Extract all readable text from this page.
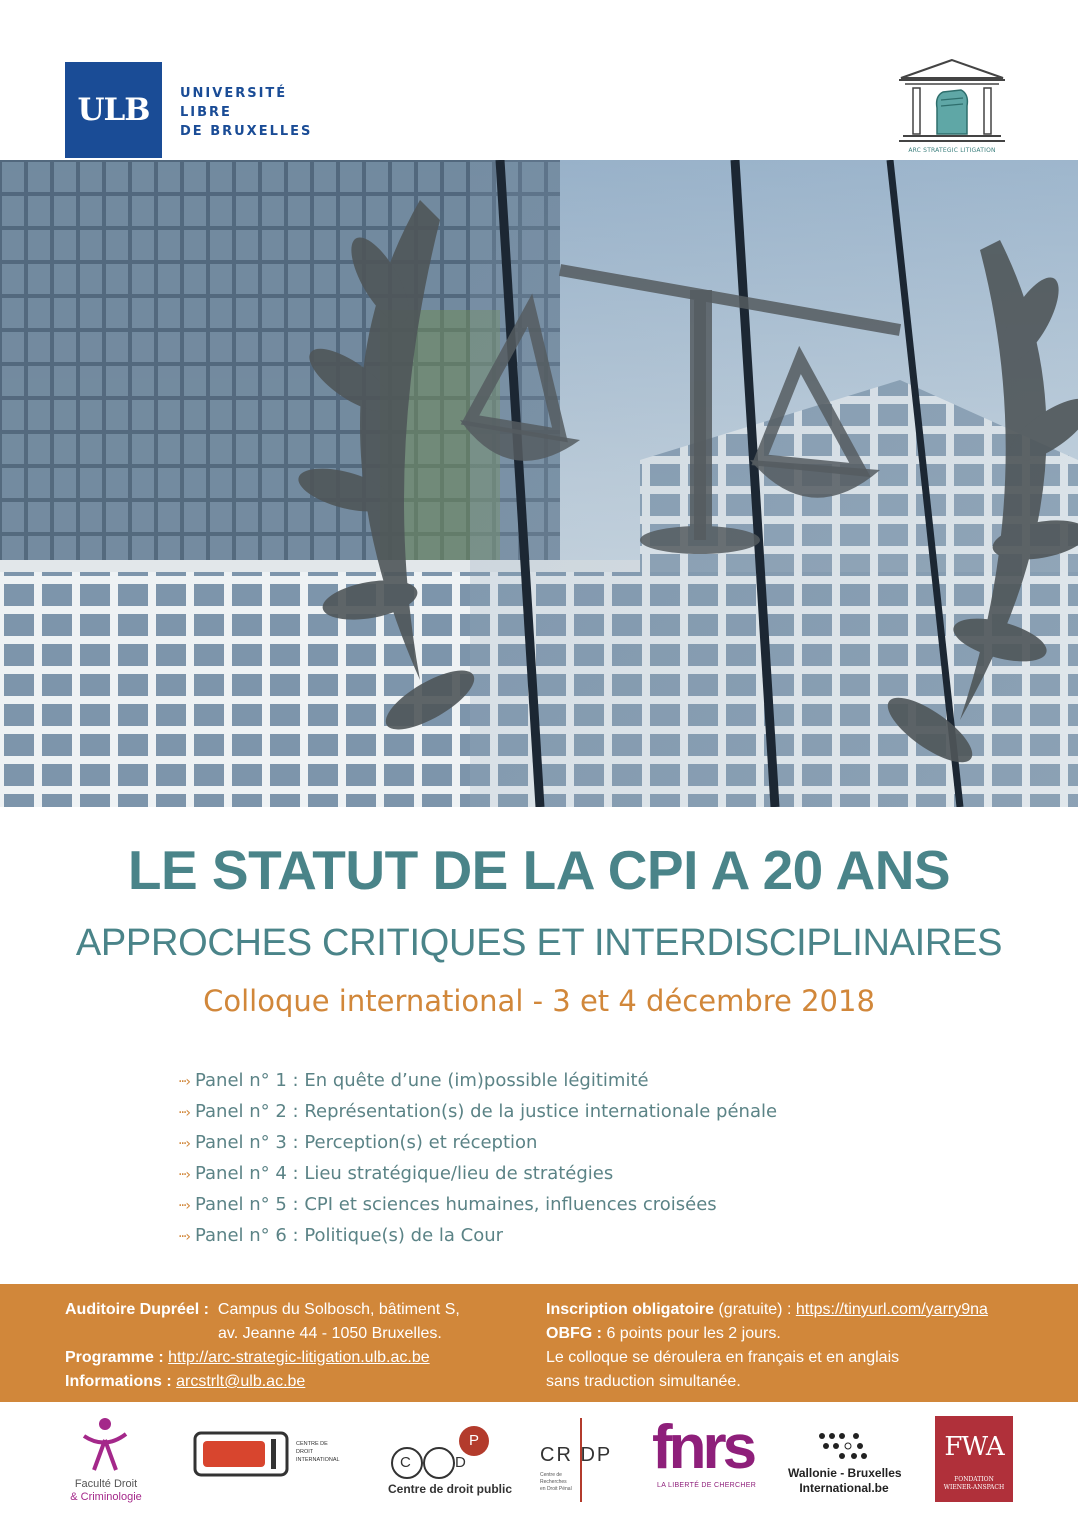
ULB UNIVERSITÉ
LIBRE
DE BRUXELLES
ARC STRATEGIC LITIGATION
LE STATUT DE LA CPI A 20 ANS
APPROCHES CRITIQUES ET INTERDISCIPLINAIRES
Colloque international - 3 et 4 décembre 2018
···› Panel n° 1 : En quête d’une (im)possible légitimité
···› Panel n° 2 : Représentation(s) de la justice internationale pénale
···› Panel n° 3 : Perception(s) et réception
···› Panel n° 4 : Lieu stratégique/lieu de stratégies
···› Panel n° 5 : CPI et sciences humaines, influences croisées
···› Panel n° 6 : Politique(s) de la Cour
Auditoire Dupréel : Campus du Solbosch, bâtiment S,
av. Jeanne 44 - 1050 Bruxelles.
Programme : http://arc-strategic-litigation.ulb.ac.be
Informations : arcstrlt@ulb.ac.be
Inscription obligatoire (gratuite) : https://tinyurl.com/yarry9na
OBFG : 6 points pour les 2 jours.
Le colloque se déroulera en français et en anglais
sans traduction simultanée.
Faculté Droit
& Criminologie
CENTRE DE
DROIT
INTERNATIONAL	C D
P
Centre de droit public
CR DP
Centre de
Recherches
en Droit Pénal
fnrs
LA LIBERTÉ DE CHERCHER
Wallonie - Bruxelles
International.be
FWA
FONDATION
WIENER-ANSPACH
